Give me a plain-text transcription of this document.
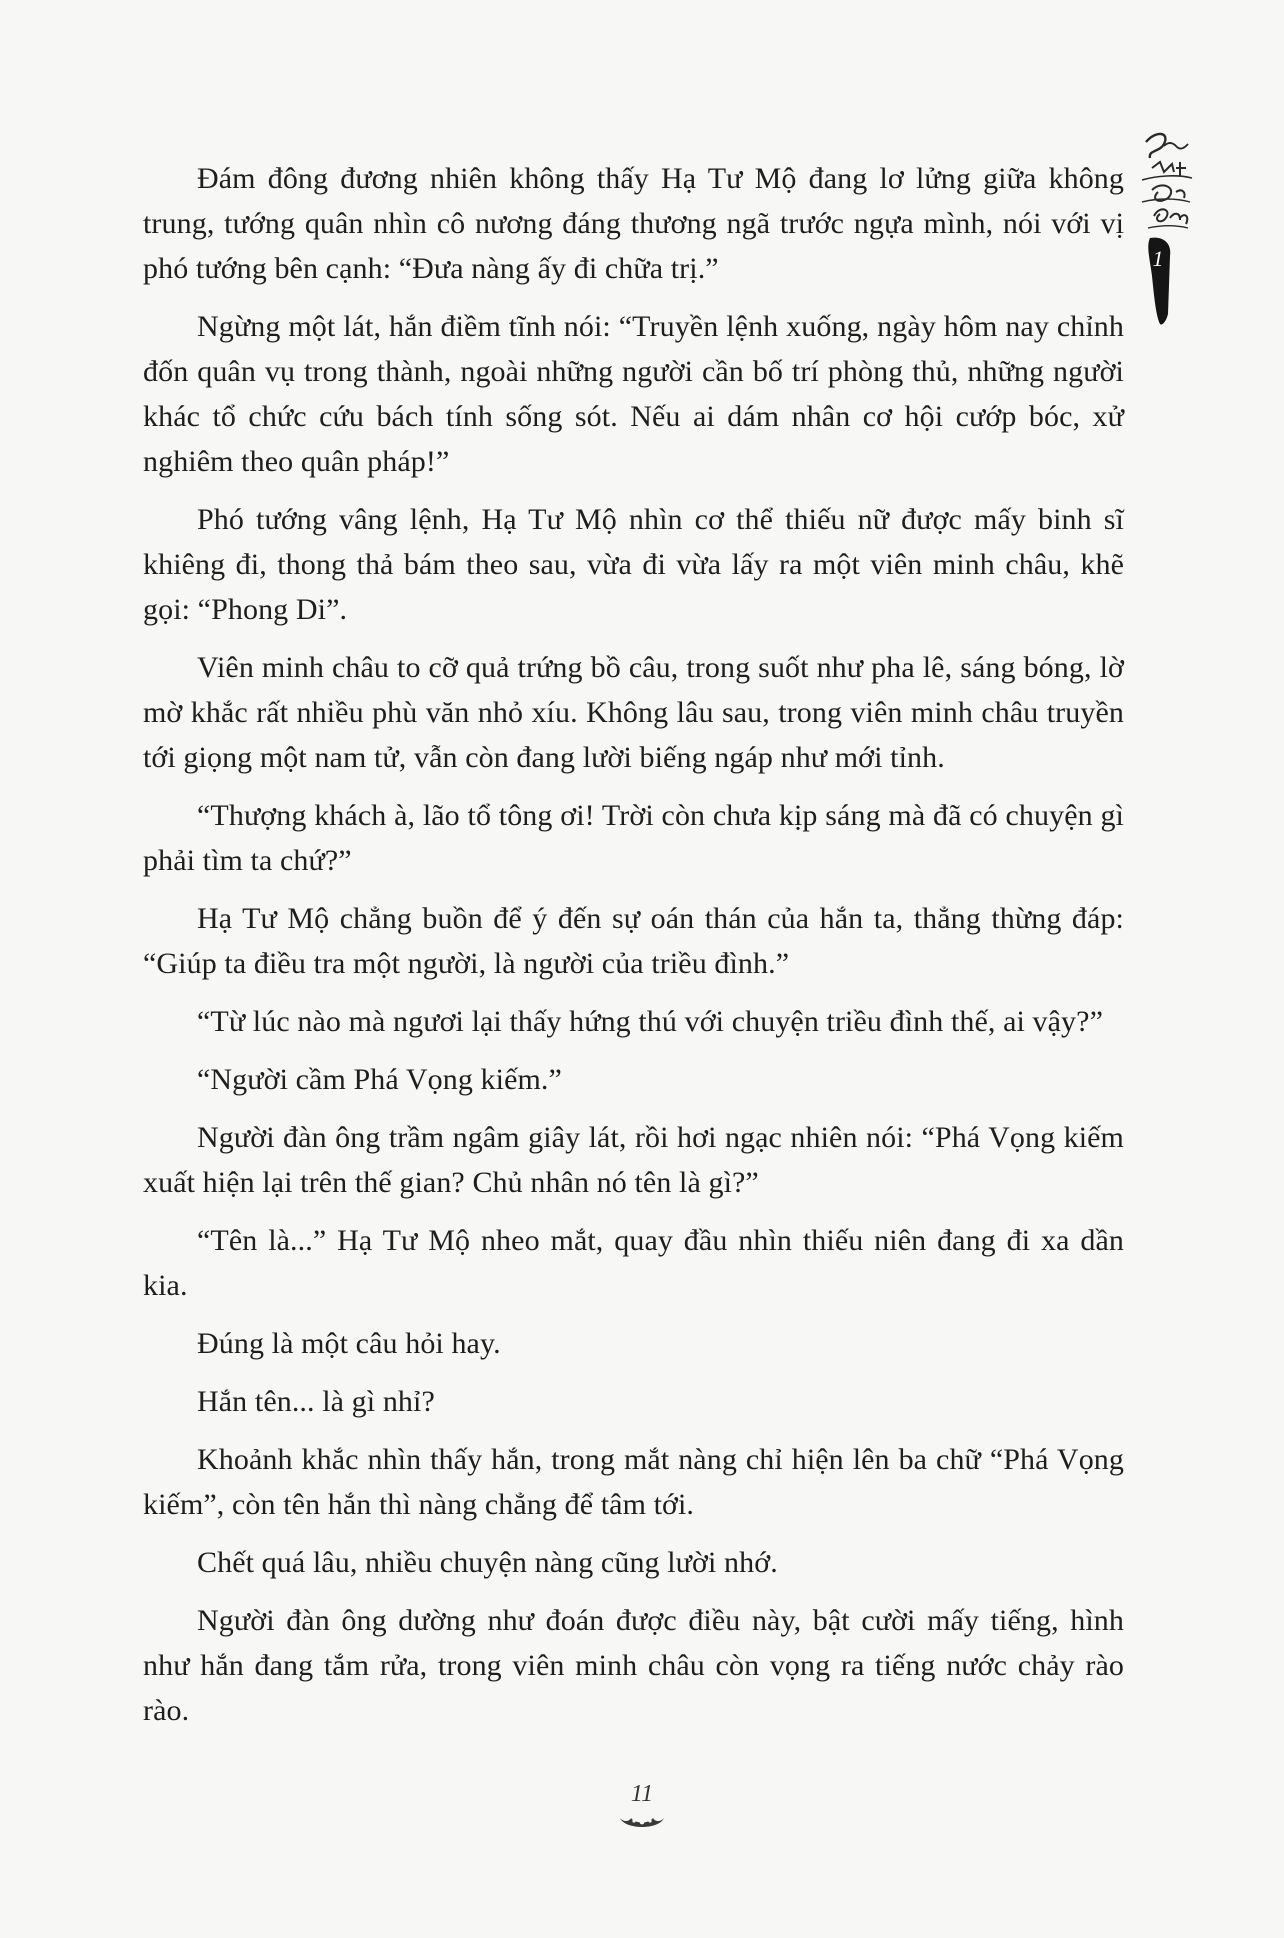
1

Đám đông đương nhiên không thấy Hạ Tư Mộ đang lơ lửng giữa không trung, tướng quân nhìn cô nương đáng thương ngã trước ngựa mình, nói với vị phó tướng bên cạnh: “Đưa nàng ấy đi chữa trị.”

Ngừng một lát, hắn điềm tĩnh nói: “Truyền lệnh xuống, ngày hôm nay chỉnh đốn quân vụ trong thành, ngoài những người cần bố trí phòng thủ, những người khác tổ chức cứu bách tính sống sót. Nếu ai dám nhân cơ hội cướp bóc, xử nghiêm theo quân pháp!”

Phó tướng vâng lệnh, Hạ Tư Mộ nhìn cơ thể thiếu nữ được mấy binh sĩ khiêng đi, thong thả bám theo sau, vừa đi vừa lấy ra một viên minh châu, khẽ gọi: “Phong Di”.

Viên minh châu to cỡ quả trứng bồ câu, trong suốt như pha lê, sáng bóng, lờ mờ khắc rất nhiều phù văn nhỏ xíu. Không lâu sau, trong viên minh châu truyền tới giọng một nam tử, vẫn còn đang lười biếng ngáp như mới tỉnh.

“Thượng khách à, lão tổ tông ơi! Trời còn chưa kịp sáng mà đã có chuyện gì phải tìm ta chứ?”

Hạ Tư Mộ chẳng buồn để ý đến sự oán thán của hắn ta, thẳng thừng đáp: “Giúp ta điều tra một người, là người của triều đình.”

“Từ lúc nào mà ngươi lại thấy hứng thú với chuyện triều đình thế, ai vậy?”

“Người cầm Phá Vọng kiếm.”

Người đàn ông trầm ngâm giây lát, rồi hơi ngạc nhiên nói: “Phá Vọng kiếm xuất hiện lại trên thế gian? Chủ nhân nó tên là gì?”

“Tên là...” Hạ Tư Mộ nheo mắt, quay đầu nhìn thiếu niên đang đi xa dần kia.

Đúng là một câu hỏi hay.

Hắn tên... là gì nhỉ?

Khoảnh khắc nhìn thấy hắn, trong mắt nàng chỉ hiện lên ba chữ “Phá Vọng kiếm”, còn tên hắn thì nàng chẳng để tâm tới.

Chết quá lâu, nhiều chuyện nàng cũng lười nhớ.

Người đàn ông dường như đoán được điều này, bật cười mấy tiếng, hình như hắn đang tắm rửa, trong viên minh châu còn vọng ra tiếng nước chảy rào rào.

11
